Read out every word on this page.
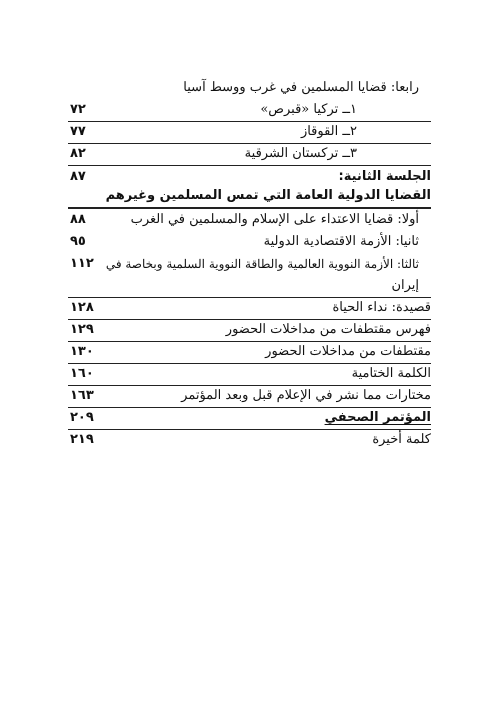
رابعا: قضايا المسلمين في غرب ووسط آسيا
١ــ تركيا «قبرص»
٧٢
٢ــ القوقاز
٧٧
٣ــ تركستان الشرقية
٨٢
الجلسة الثانية:
٨٧
القضايا الدولية العامة التي تمس المسلمين وغيرهم
أولا: قضايا الاعتداء على الإسلام والمسلمين في الغرب
٨٨
ثانيا: الأزمة الاقتصادية الدولية
٩٥
ثالثا: الأزمة النووية العالمية والطاقة النووية السلمية وبخاصة في
١١٢
إيران
قصيدة: نداء الحياة
١٢٨
فهرس مقتطفات من مداخلات الحضور
١٢٩
مقتطفات من مداخلات الحضور
١٣٠
الكلمة الختامية
١٦٠
مختارات مما نشر في الإعلام قبل وبعد المؤتمر
١٦٣
المؤتمر الصحفي
٢٠٩
كلمة أخيرة
٢١٩
